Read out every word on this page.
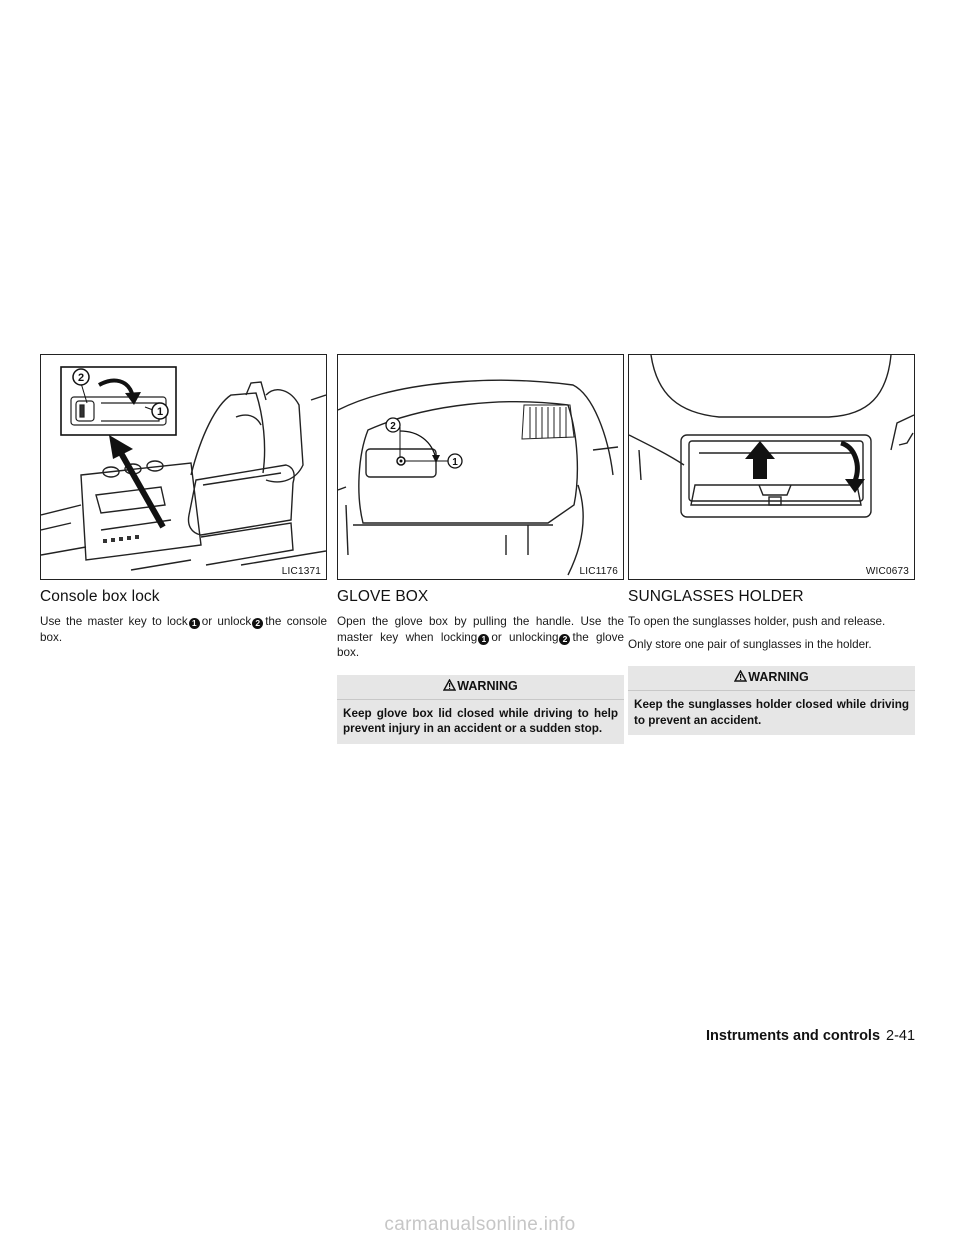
2
1
LIC1371
Console box lock

Use the master key to lock 1 or unlock 2 the console box.

2
1
LIC1176
GLOVE BOX

Open the glove box by pulling the handle. Use the master key when locking 1 or unlocking 2 the glove box.

WARNING
Keep glove box lid closed while driving to help prevent injury in an accident or a sudden stop.
WIC0673
SUNGLASSES HOLDER

To open the sunglasses holder, push and release.

Only store one pair of sunglasses in the holder.

WARNING
Keep the sunglasses holder closed while driving to prevent an accident.
Instruments and controls 2-41
carmanualsonline.info
